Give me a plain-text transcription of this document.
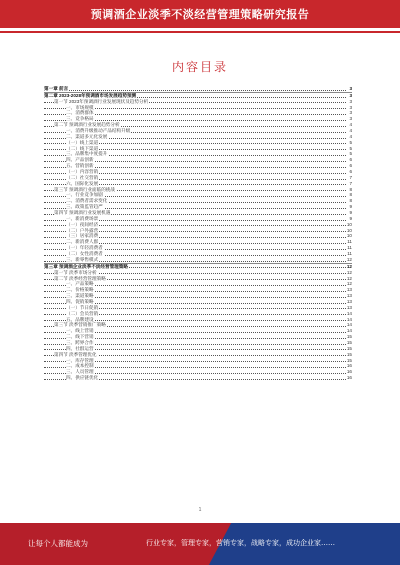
预调酒企业淡季不淡经营管理策略研究报告
内容目录
第一章 前言	3
第二章 2023-2028年预调酒市场发展趋势预测	3
第一节 2023年预调酒行业发展现状及趋势分析	3
一、市场规模	3
二、消费群体	3
三、竞争格局	3
第二节 预调酒行业发展趋势分析	4
一、消费升级推动产品结构升级	4
二、渠道多元化发展	4
（一）线上渠道	5
（二）线下渠道	5
三、品牌集中度提升	5
四、产品创新	6
五、营销创新	6
（一）内容营销	6
（二）社交营销	7
六、国际化发展	7
第三节 预调酒行业面临的挑战	8
一、行业竞争加剧	8
二、消费者需求变化	8
三、政策监管趋严	9
第四节 预调酒行业发展机遇	9
一、新消费场景	9
（一）夜间经济	10
（二）户外露营	10
（三）居家消费	10
二、新消费人群	11
（一）年轻消费者	11
（二）女性消费者	11
三、新零售模式	12
第三章 预调酒企业淡季不淡经营管理策略	12
第一节 淡季市场分析	12
第二节 淡季经营管理策略	12
一、产品策略	12
二、价格策略	13
三、渠道策略	13
四、促销策略	13
（一）节日促销	13
（二）会员营销	14
五、品牌建设	14
第三节 淡季营销推广策略	14
一、线上营销	14
二、线下营销	15
三、跨界合作	15
四、社群运营	15
第四节 淡季管理优化	15
一、库存管理	15
二、成本控制	16
三、人员管理	16
四、供应链优化	16
1
让每个人都能成为	行业专家，管理专家，营销专家，战略专家，成功企业家……
